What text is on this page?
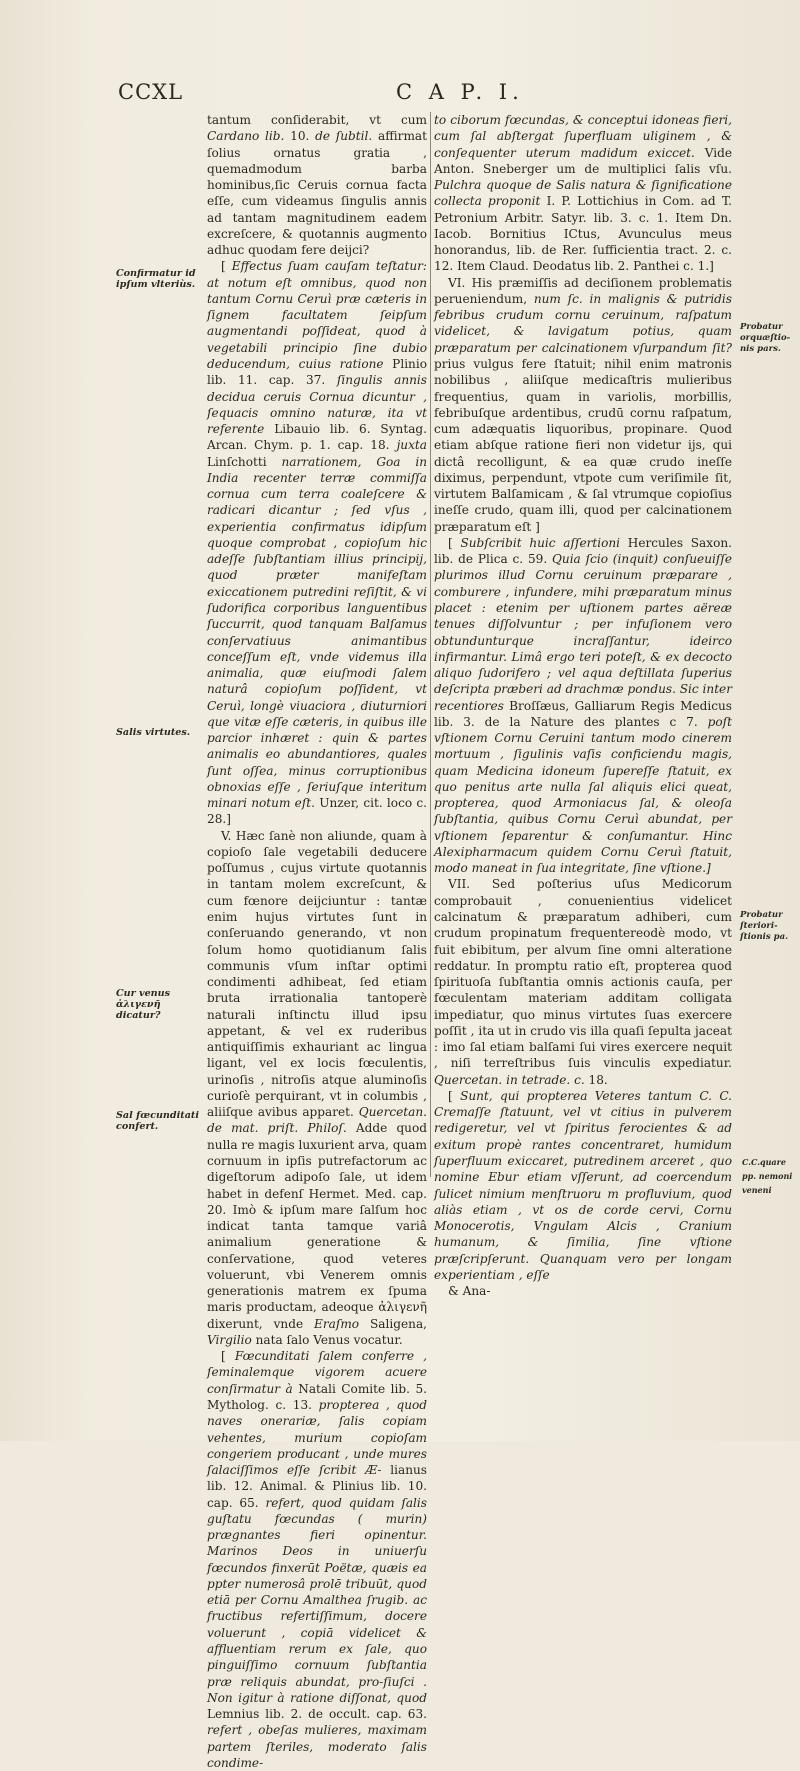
CCXL	C A P. I.

tantum conſiderabit, vt cum Cardano lib. 10. de ſubtil. affirmat ſolius ornatus gratia , quemadmodum barba hominibus,ſic Ceruis cornua facta eſſe, cum videamus ſingulis annis ad tantam magnitudinem eadem excreſcere, & quotannis augmento adhuc quodam fere deijci?

[ Effectus ſuam cauſam teſtatur: at notum eſt omnibus, quod non tantum Cornu Ceruì præ cæteris in ſignem facultatem ſeipſum augmentandi poſſideat, quod à vegetabili principio ſine dubio deducendum, cuius ratione Plinio lib. 11. cap. 37. ſingulis annis decidua ceruis Cornua dicuntur , ſequacis omnino naturæ, ita vt referente Libauio lib. 6. Syntag. Arcan. Chym. p. 1. cap. 18. juxta Linſchotti narrationem, Goa in India recenter terræ commiſſa cornua cum terra coaleſcere & radicari dicantur ; ſed vſus , experientia confirmatus idipſum quoque comprobat , copioſum hic adeſſe ſubſtantiam illius principij, quod præter manifeſtam exiccationem putredini reſiſtit, & vi ſudorifica corporibus languentibus ſuccurrit, quod tanquam Balſamus conſervatiuus animantibus conceſſum eſt, vnde videmus illa animalia, quæ eiuſmodi ſalem naturâ copioſum poſſident, vt Ceruì, longè viuaciora , diuturniori que vitæ eſſe cæteris, in quibus ille parcior inhæret : quin & partes animalis eo abundantiores, quales ſunt oſſea, minus corruptionibus obnoxias eſſe , ſeriuſque interitum minari notum eſt. Unzer, cit. loco c. 28.]

V. Hæc ſanè non aliunde, quam à copioſo ſale vegetabili deducere poſſumus , cujus virtute quotannis in tantam molem excreſcunt, & cum fœnore deijciuntur : tantæ enim hujus virtutes ſunt in conſeruando generando, vt non ſolum homo quotidianum ſalis communis vſum inſtar optimi condimenti adhibeat, ſed etiam bruta irrationalia tantoperè naturali inſtinctu illud ipsu appetant, & vel ex ruderibus antiquiſſimis exhauriant ac lingua ligant, vel ex locis fœculentis, urinoſis , nitroſis atque aluminoſis curioſè perquirant, vt in columbis , aliiſque avibus apparet. Quercetan. de mat. priſt. Philoſ. Adde quod nulla re magis luxurient arva, quam cornuum in ipſis putrefactorum ac digeſtorum adipoſo ſale, ut idem habet in defenſ Hermet. Med. cap. 20. Imò & ipſum mare ſalſum hoc indicat tanta tamque variâ animalium generatione & conſervatione, quod veteres voluerunt, vbi Venerem omnis generationis matrem ex ſpuma maris productam, adeoque ἀλιγενῆ dixerunt, vnde Eraſmo Saligena, Virgilio nata ſalo Venus vocatur.

[ Fœcunditati ſalem conferre , ſeminalemque vigorem acuere conſirmatur à Natali Comite lib. 5. Mytholog. c. 13. propterea , quod naves onerariæ, ſalis copiam vehentes, murium copioſam congeriem producant , unde mures ſalaciſſimos eſſe ſcribit Æ- lianus lib. 12. Animal. & Plinius lib. 10. cap. 65. refert, quod quidam ſalis guſtatu fœcundas ( murin) prægnantes fieri opinentur. Marinos Deos in uniuerſu fœcundos finxerūt Poëtæ, quæis ea ppter numerosâ prolē tribuūt, quod etiā per Cornu Amalthea ſrugib. ac fructibus refertiſſimum, docere voluerunt , copiā videlicet & affluentiam rerum ex ſale, quo pinguiſſimo cornuum ſubſtantia præ reliquis abundat, pro-ſiuſci . Non igitur à ratione diſſonat, quod Lemnius lib. 2. de occult. cap. 63. refert , obeſas mulieres, maximam partem ſteriles, moderato ſalis condime-

to ciborum fœcundas, & conceptui idoneas fieri, cum ſal abſtergat ſuperfluam uliginem , & conſequenter uterum madidum exiccet. Vide Anton. Sneberger um de multiplici ſalis vſu. Pulchra quoque de Salis natura & ſignificatione collecta proponit I. P. Lottichius in Com. ad T. Petronium Arbitr. Satyr. lib. 3. c. 1. Item Dn. Iacob. Bornitius ICtus, Avunculus meus honorandus, lib. de Rer. ſufficientia tract. 2. c. 12. Item Claud. Deodatus lib. 2. Panthei c. 1.]

VI. His præmiſſis ad deciſionem problematis perueniendum, num ſc. in malignis & putridis febribus crudum cornu ceruinum, raſpatum videlicet, & lavigatum potius, quam præparatum per calcinationem vſurpandum ſit? prius vulgus fere ſtatuit; nihil enim matronis nobilibus , aliiſque medicaſtris mulieribus frequentius, quam in variolis, morbillis, febribuſque ardentibus, crudū cornu raſpatum, cum adæquatis liquoribus, propinare. Quod etiam abſque ratione fieri non videtur ijs, qui dictâ recolligunt, & ea quæ crudo ineſſe diximus, perpendunt, vtpote cum veriſimile ſit, virtutem Balſamicam , & ſal vtrumque copioſius ineſſe crudo, quam illi, quod per calcinationem præparatum eſt ]

[ Subſcribit huic aſſertioni Hercules Saxon. lib. de Plica c. 59. Quia ſcio (inquit) conſueuiſſe plurimos illud Cornu ceruinum præparare , comburere , infundere, mihi præparatum minus placet : etenim per uſtionem partes aëreæ tenues diſſolvuntur ; per infuſionem vero obtundunturque incraſſantur, ideirco infirmantur. Limâ ergo teri poteſt, & ex decocto aliquo ſudorifero ; vel aqua deſtillata ſuperius deſcripta præberi ad drachmæ pondus. Sic inter recentiores Broſſæus, Galliarum Regis Medicus lib. 3. de la Nature des plantes c 7. poſt vſtionem Cornu Ceruini tantum modo cinerem mortuum , ſigulinis vaſis conficiendu magis, quam Medicina idoneum ſupereſſe ſtatuit, ex quo penitus arte nulla ſal aliquis elici queat, propterea, quod Armoniacus ſal, & oleoſa ſubſtantia, quibus Cornu Ceruì abundat, per vſtionem ſeparentur & conſumantur. Hinc Alexipharmacum quidem Cornu Ceruì ſtatuit, modo maneat in ſua integritate, ſine vſtione.]

VII. Sed poſterius uſus Medicorum comprobauit , conuenientius videlicet calcinatum & præparatum adhiberi, cum crudum propinatum frequentereodè modo, vt fuit ebibitum, per alvum ſine omni alteratione reddatur. In promptu ratio eſt, propterea quod ſpirituoſa ſubſtantia omnis actionis cauſa, per fœculentam materiam additam colligata impediatur, quo minus virtutes ſuas exercere poſſit , ita ut in crudo vis illa quaſi ſepulta jaceat : imo ſal etiam balſami ſui vires exercere nequit , niſi terreſtribus ſuis vinculis expediatur. Quercetan. in tetrade. c. 18.

[ Sunt, qui propterea Veteres tantum C. C. Cremaſſe ſtatuunt, vel vt citius in pulverem redigeretur, vel vt ſpiritus ferocientes & ad exitum propè rantes concentraret, humidum ſuperfluum exiccaret, putredinem arceret , quo nomine Ebur etiam vſſerunt, ad coercendum ſulicet nimium menſtruoru m profluvium, quod aliàs etiam , vt os de corde cervi, Cornu Monocerotis, Vngulam Alcis , Cranium humanum, & ſimilia, ſine vſtione præſcripſerunt. Quanquam vero per longam experientiam , eſſe

& Ana-

Confirmatur id ipſum vlteriùs.
Salis virtutes.
Cur venus ἀλιγενῆ dicatur?
Sal fœcunditati confert.
Probatur orquæſtionis pars.
Probatur ſterioriſtionis pa.
C.C.quare
pp. nemoni
veneni
